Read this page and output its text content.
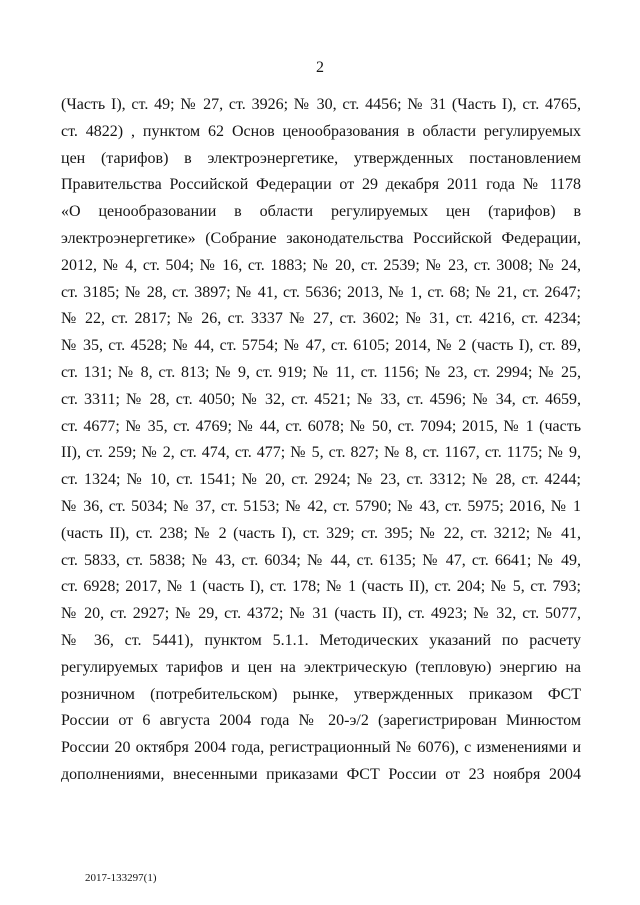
2
(Часть I), ст. 49; № 27, ст. 3926; № 30, ст. 4456; № 31 (Часть I), ст. 4765,
ст. 4822) , пунктом 62 Основ ценообразования в области регулируемых
цен (тарифов) в электроэнергетике, утвержденных постановлением
Правительства Российской Федерации от 29 декабря 2011 года № 1178
«О ценообразовании в области регулируемых цен (тарифов) в
электроэнергетике» (Собрание законодательства Российской Федерации,
2012, № 4, ст. 504; № 16, ст. 1883; № 20, ст. 2539; № 23, ст. 3008; № 24,
ст. 3185; № 28, ст. 3897; № 41, ст. 5636; 2013, № 1, ст. 68; № 21, ст. 2647;
№ 22, ст. 2817; № 26, ст. 3337 № 27, ст. 3602; № 31, ст. 4216, ст. 4234;
№ 35, ст. 4528; № 44, ст. 5754; № 47, ст. 6105; 2014, № 2 (часть I), ст. 89,
ст. 131; № 8, ст. 813; № 9, ст. 919; № 11, ст. 1156; № 23, ст. 2994; № 25,
ст. 3311; № 28, ст. 4050; № 32, ст. 4521; № 33, ст. 4596; № 34, ст. 4659,
ст. 4677; № 35, ст. 4769; № 44, ст. 6078; № 50, ст. 7094; 2015, № 1 (часть
II), ст. 259; № 2, ст. 474, ст. 477; № 5, ст. 827; № 8, ст. 1167, ст. 1175; № 9,
ст. 1324; № 10, ст. 1541; № 20, ст. 2924; № 23, ст. 3312; № 28, ст. 4244;
№ 36, ст. 5034; № 37, ст. 5153; № 42, ст. 5790; № 43, ст. 5975; 2016, № 1
(часть II), ст. 238; № 2 (часть I), ст. 329; ст. 395; № 22, ст. 3212; № 41,
ст. 5833, ст. 5838; № 43, ст. 6034; № 44, ст. 6135; № 47, ст. 6641; № 49,
ст. 6928; 2017, № 1 (часть I), ст. 178; № 1 (часть II), ст. 204; № 5, ст. 793;
№ 20, ст. 2927; № 29, ст. 4372; № 31 (часть II), ст. 4923; № 32, ст. 5077,
№ 36, ст. 5441), пунктом 5.1.1. Методических указаний по расчету
регулируемых тарифов и цен на электрическую (тепловую) энергию на
розничном (потребительском) рынке, утвержденных приказом ФСТ
России от 6 августа 2004 года № 20-э/2 (зарегистрирован Минюстом
России 20 октября 2004 года, регистрационный № 6076), с изменениями и
дополнениями, внесенными приказами ФСТ России от 23 ноября 2004
2017-133297(1)
